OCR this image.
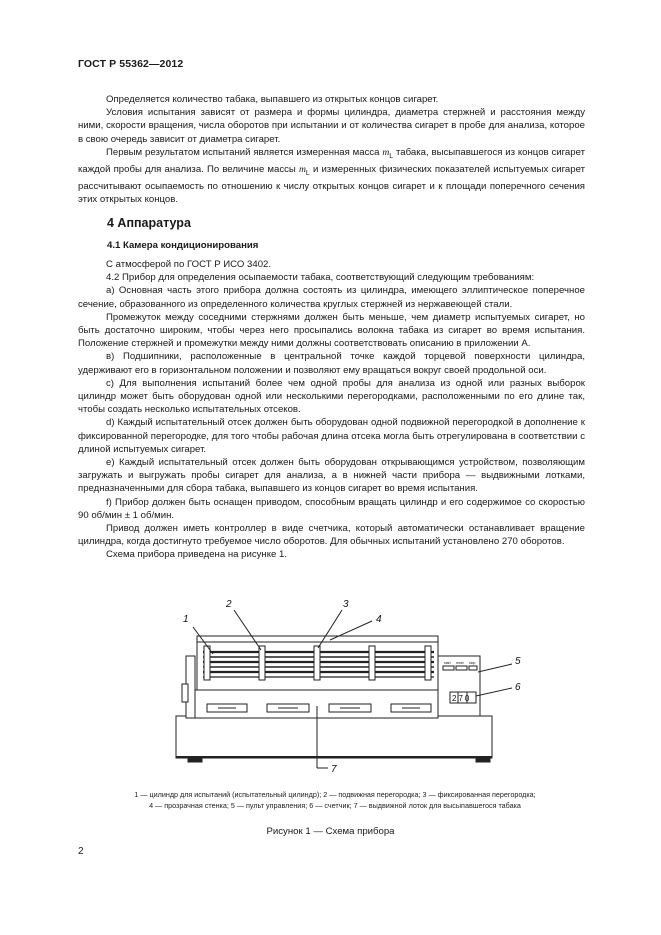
ГОСТ Р 55362—2012

Определяется количество табака, выпавшего из открытых концов сигарет.

Условия испытания зависят от размера и формы цилиндра, диаметра стержней и расстояния между ними, скорости вращения, числа оборотов при испытании и от количества сигарет в пробе для анализа, которое в свою очередь зависит от диаметра сигарет.

Первым результатом испытаний является измеренная масса $m_L$ табака, высыпавшегося из концов сигарет каждой пробы для анализа. По величине массы $m_L$ и измеренных физических показателей испытуемых сигарет рассчитывают осыпаемость по отношению к числу открытых концов сигарет и к площади поперечного сечения этих открытых концов.

4 Аппаратура
4.1 Камера кондиционирования

С атмосферой по ГОСТ Р ИСО 3402.

4.2 Прибор для определения осыпаемости табака, соответствующий следующим требованиям:

а) Основная часть этого прибора должна состоять из цилиндра, имеющего эллиптическое поперечное сечение, образованного из определенного количества круглых стержней из нержавеющей стали.

Промежуток между соседними стержнями должен быть меньше, чем диаметр испытуемых сигарет, но быть достаточно широким, чтобы через него просыпались волокна табака из сигарет во время испытания. Положение стержней и промежутки между ними должны соответствовать описанию в приложении А.

в) Подшипники, расположенные в центральной точке каждой торцевой поверхности цилиндра, удерживают его в горизонтальном положении и позволяют ему вращаться вокруг своей продольной оси.

с) Для выполнения испытаний более чем одной пробы для анализа из одной или разных выборок цилиндр может быть оборудован одной или несколькими перегородками, расположенными по его длине так, чтобы создать несколько испытательных отсеков.

d) Каждый испытательный отсек должен быть оборудован одной подвижной перегородкой в дополнение к фиксированной перегородке, для того чтобы рабочая длина отсека могла быть отрегулирована в соответствии с длиной испытуемых сигарет.

е) Каждый испытательный отсек должен быть оборудован открывающимся устройством, позволяющим загружать и выгружать пробы сигарет для анализа, а в нижней части прибора — выдвижными лотками, предназначенными для сбора табака, выпавшего из концов сигарет во время испытания.

f) Прибор должен быть оснащен приводом, способным вращать цилиндр и его содержимое со скоростью 90 об/мин ± 1 об/мин.

Привод должен иметь контроллер в виде счетчика, который автоматически останавливает вращение цилиндра, когда достигнуто требуемое число оборотов. Для обычных испытаний установлено 270 оборотов.

Схема прибора приведена на рисунке 1.

1
2	3
4
5
6
7
start reset stop
270
1 — цилиндр для испытаний (испытательный цилиндр); 2 — подвижная перегородка; 3 — фиксированная перегородка;
4 — прозрачная стенка; 5 — пульт управления; 6 — счетчик; 7 — выдвижной лоток для высыпавшегося табака
Рисунок 1 — Схема прибора
2
